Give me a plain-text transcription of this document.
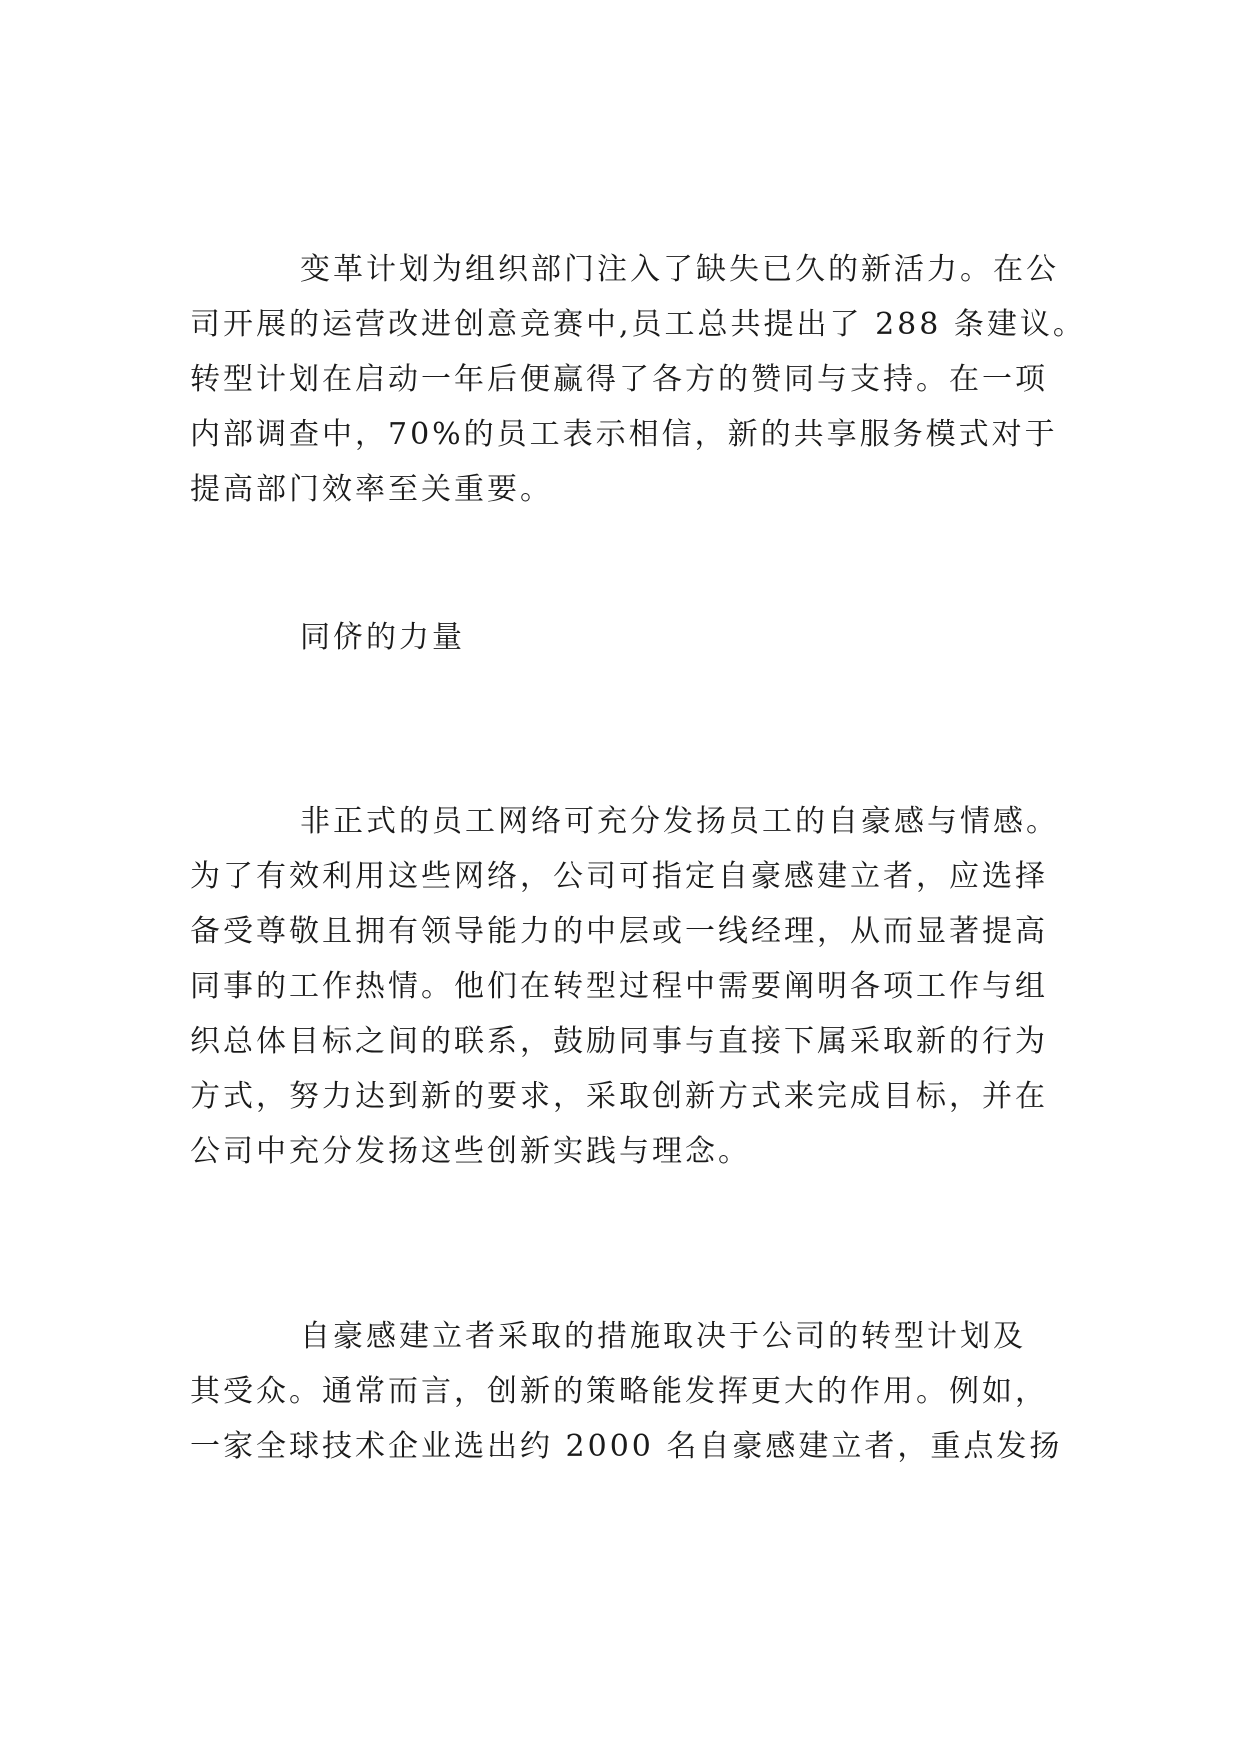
变革计划为组织部门注入了缺失已久的新活力。在公
司开展的运营改进创意竞赛中,员工总共提出了 288 条建议。
转型计划在启动一年后便赢得了各方的赞同与支持。在一项
内部调查中，70%的员工表示相信，新的共享服务模式对于
提高部门效率至关重要。
同侪的力量
非正式的员工网络可充分发扬员工的自豪感与情感。
为了有效利用这些网络，公司可指定自豪感建立者，应选择
备受尊敬且拥有领导能力的中层或一线经理，从而显著提高
同事的工作热情。他们在转型过程中需要阐明各项工作与组
织总体目标之间的联系，鼓励同事与直接下属采取新的行为
方式，努力达到新的要求，采取创新方式来完成目标，并在
公司中充分发扬这些创新实践与理念。
自豪感建立者采取的措施取决于公司的转型计划及
其受众。通常而言，创新的策略能发挥更大的作用。例如，
一家全球技术企业选出约 2000 名自豪感建立者，重点发扬
